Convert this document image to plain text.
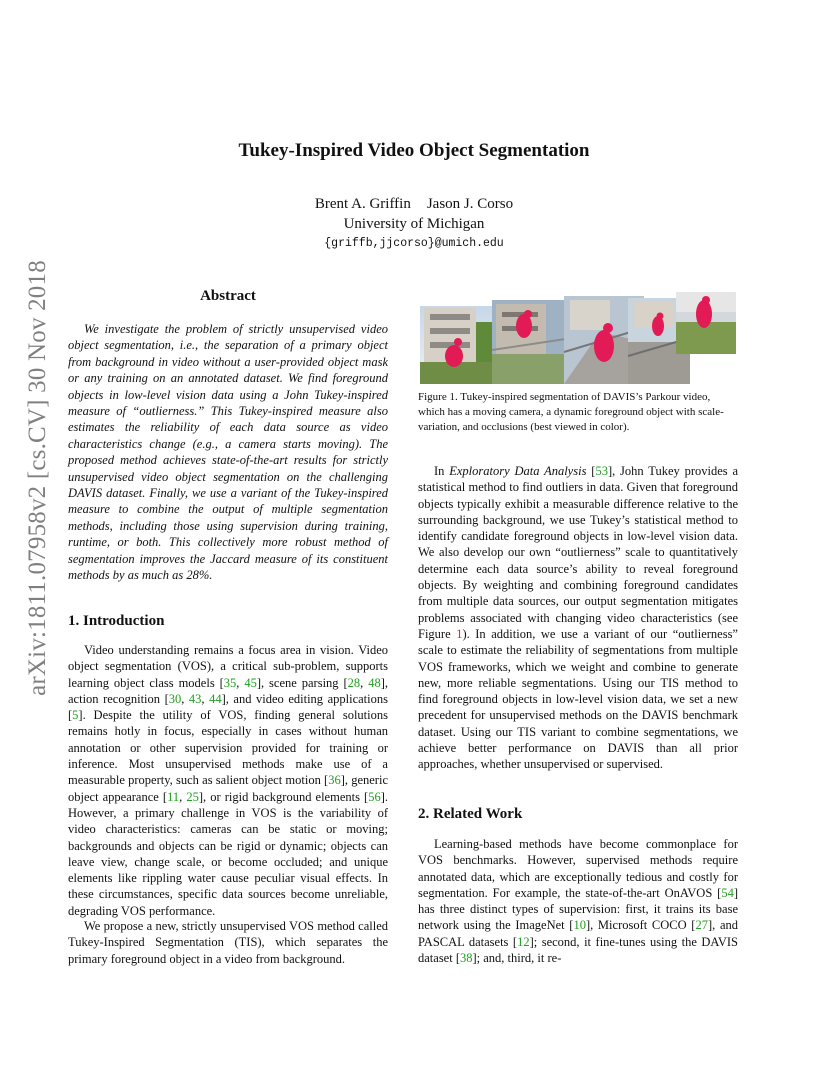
arXiv:1811.07958v2 [cs.CV] 30 Nov 2018
Tukey-Inspired Video Object Segmentation
Brent A. Griffin Jason J. Corso
University of Michigan
{griffb,jjcorso}@umich.edu
Abstract

We investigate the problem of strictly unsupervised video object segmentation, i.e., the separation of a primary object from background in video without a user-provided object mask or any training on an annotated dataset. We find foreground objects in low-level vision data using a John Tukey-inspired measure of “outlierness.” This Tukey-inspired measure also estimates the reliability of each data source as video characteristics change (e.g., a camera starts moving). The proposed method achieves state-of-the-art results for strictly unsupervised video object segmentation on the challenging DAVIS dataset. Finally, we use a variant of the Tukey-inspired measure to combine the output of multiple segmentation methods, including those using supervision during training, runtime, or both. This collectively more robust method of segmentation improves the Jaccard measure of its constituent methods by as much as 28%.

1. Introduction

Video understanding remains a focus area in vision. Video object segmentation (VOS), a critical sub-problem, supports learning object class models [35, 45], scene parsing [28, 48], action recognition [30, 43, 44], and video editing applications [5]. Despite the utility of VOS, finding general solutions remains hotly in focus, especially in cases without human annotation or other supervision provided for training or inference. Most unsupervised methods make use of a measurable property, such as salient object motion [36], generic object appearance [11, 25], or rigid background elements [56]. However, a primary challenge in VOS is the variability of video characteristics: cameras can be static or moving; backgrounds and objects can be rigid or dynamic; objects can leave view, change scale, or become occluded; and unique elements like rippling water cause peculiar visual effects. In these circumstances, specific data sources become unreliable, degrading VOS performance.

We propose a new, strictly unsupervised VOS method called Tukey-Inspired Segmentation (TIS), which separates the primary foreground object in a video from background.

Figure 1. Tukey-inspired segmentation of DAVIS’s Parkour video, which has a moving camera, a dynamic foreground object with scale-variation, and occlusions (best viewed in color).

In Exploratory Data Analysis [53], John Tukey provides a statistical method to find outliers in data. Given that foreground objects typically exhibit a measurable difference relative to the surrounding background, we use Tukey’s statistical method to identify candidate foreground objects in low-level vision data. We also develop our own “outlierness” scale to quantitatively determine each data source’s ability to reveal foreground objects. By weighting and combining foreground candidates from multiple data sources, our output segmentation mitigates problems associated with changing video characteristics (see Figure 1). In addition, we use a variant of our “outlierness” scale to estimate the reliability of segmentations from multiple VOS frameworks, which we weight and combine to generate new, more reliable segmentations. Using our TIS method to find foreground objects in low-level vision data, we set a new precedent for unsupervised methods on the DAVIS benchmark dataset. Using our TIS variant to combine segmentations, we achieve better performance on DAVIS than all prior approaches, whether unsupervised or supervised.

2. Related Work

Learning-based methods have become commonplace for VOS benchmarks. However, supervised methods require annotated data, which are exceptionally tedious and costly for segmentation. For example, the state-of-the-art OnAVOS [54] has three distinct types of supervision: first, it trains its base network using the ImageNet [10], Microsoft COCO [27], and PASCAL datasets [12]; second, it fine-tunes using the DAVIS dataset [38]; and, third, it re-
